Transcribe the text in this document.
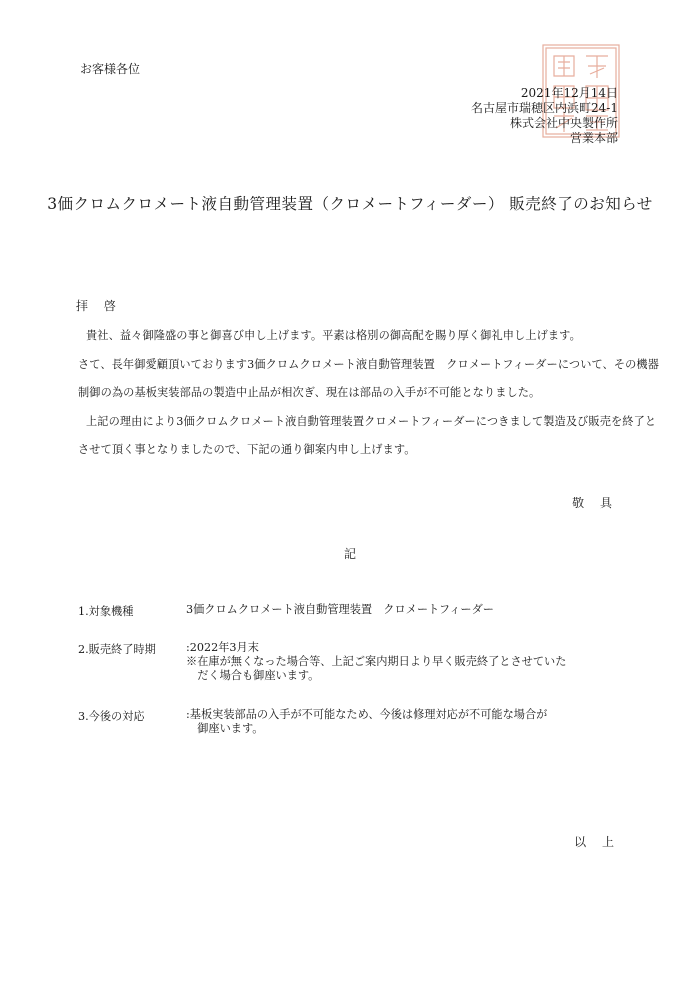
お客様各位
2021年12月14日
名古屋市瑞穂区内浜町24-1
株式会社中央製作所
営業本部
3価クロムクロメート液自動管理装置（クロメートフィーダー） 販売終了のお知らせ
拝 啓
貴社、益々御隆盛の事と御喜び申し上げます。平素は格別の御高配を賜り厚く御礼申し上げます。
さて、長年御愛顧頂いております3価クロムクロメート液自動管理装置　クロメートフィーダーについて、その機器
制御の為の基板実装部品の製造中止品が相次ぎ、現在は部品の入手が不可能となりました。
上記の理由により3価クロムクロメート液自動管理装置クロメートフィーダーにつきまして製造及び販売を終了と
させて頂く事となりましたので、下記の通り御案内申し上げます。
敬 具
記
1.対象機種	3価クロムクロメート液自動管理装置　クロメートフィーダー
2.販売終了時期	:2022年3月末
※在庫が無くなった場合等、上記ご案内期日より早く販売終了とさせていた
　だく場合も御座います。
3.今後の対応	:基板実装部品の入手が不可能なため、今後は修理対応が不可能な場合が
　御座います。
以 上
